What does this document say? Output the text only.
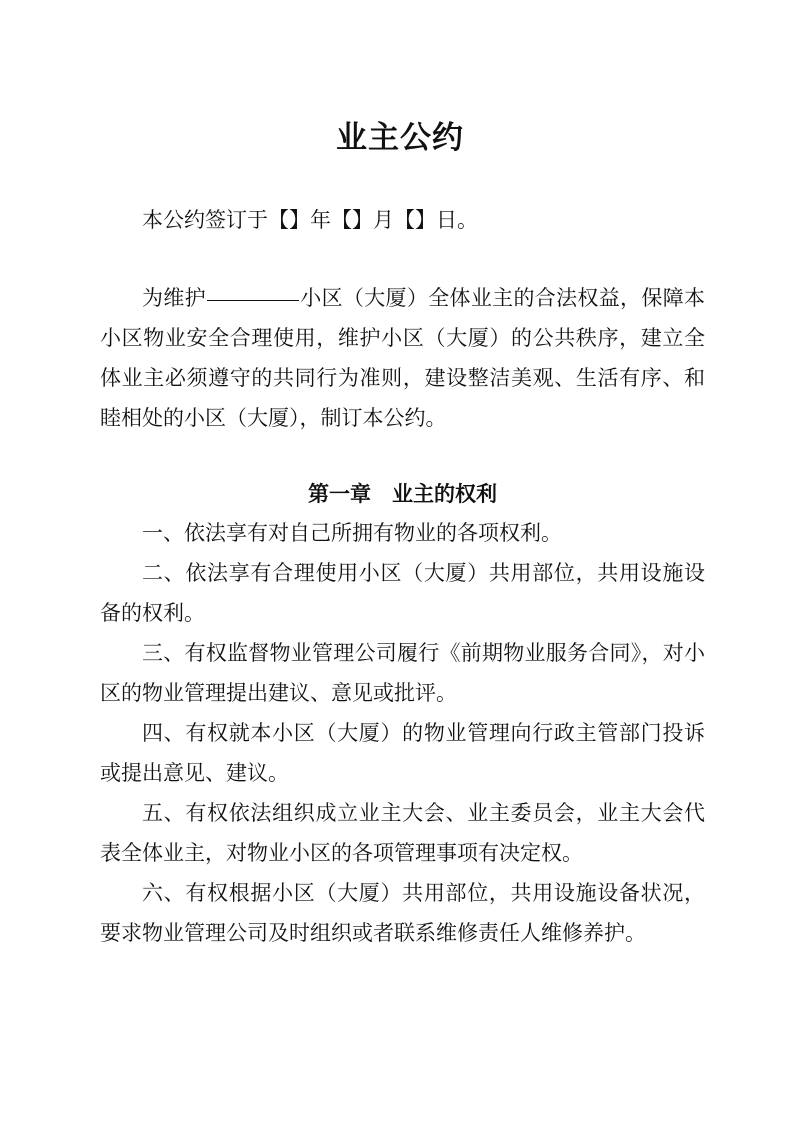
业主公约

本公约签订于【】年【】月【】日。

为维护	小区（大厦）全体业主的合法权益，保障本小区物业安全合理使用，维护小区（大厦）的公共秩序，建立全体业主必须遵守的共同行为准则，建设整洁美观、生活有序、和睦相处的小区（大厦），制订本公约。

第一章　业主的权利

一、依法享有对自己所拥有物业的各项权利。

二、依法享有合理使用小区（大厦）共用部位，共用设施设备的权利。

三、有权监督物业管理公司履行《前期物业服务合同》，对小区的物业管理提出建议、意见或批评。

四、有权就本小区（大厦）的物业管理向行政主管部门投诉或提出意见、建议。

五、有权依法组织成立业主大会、业主委员会，业主大会代表全体业主，对物业小区的各项管理事项有决定权。

六、有权根据小区（大厦）共用部位，共用设施设备状况，要求物业管理公司及时组织或者联系维修责任人维修养护。
